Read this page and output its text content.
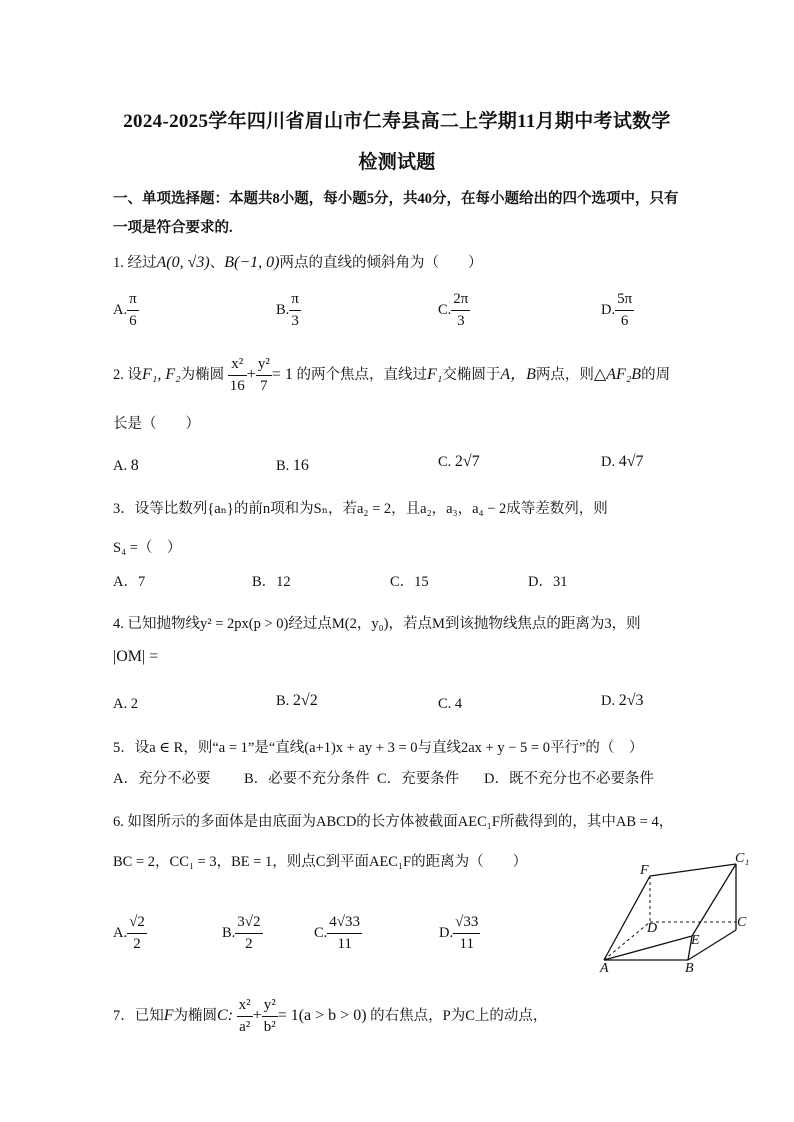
2024-2025学年四川省眉山市仁寿县高二上学期11月期中考试数学
检测试题
一、单项选择题：本题共8小题，每小题5分，共40分，在每小题给出的四个选项中，只有
一项是符合要求的.
1. 经过A(0, √3)、B(−1, 0)两点的直线的倾斜角为（　　）
A. $\frac{\pi}{6}$	B. $\frac{\pi}{3}$	C. $\frac{2\pi}{3}$	D. $\frac{5\pi}{6}$
2. 设F₁, F₂为椭圆 $\frac{\text{x²}}{16} + \frac{\text{y²}}{7} = 1$ 的两个焦点，直线过F₁交椭圆于A，B两点，则△AF₂B的周
长是（　　）
A. 8	B. 16	C. 2√7	D. 4√7
3．设等比数列{aₙ}的前n项和为Sₙ，若a₂ = 2，且a₂，a₃，a₄ − 2成等差数列，则
S₄ =（　）
A．7	B．12	C．15	D．31
4. 已知抛物线y² = 2px(p > 0)经过点M(2，y₀)，若点M到该抛物线焦点的距离为3，则
|OM| =
A. 2	B. 2√2	C. 4	D. 2√3
5．设a ∈ R，则“a = 1”是“直线(a+1)x + ay + 3 = 0与直线2ax + y − 5 = 0平行”的（　）
A．充分不必要 B．必要不充分条件 C．充要条件 D．既不充分也不必要条件
6. 如图所示的多面体是由底面为ABCD的长方体被截面AEC₁F所截得到的，其中AB = 4，
BC = 2，CC₁ = 3，BE = 1，则点C到平面AEC₁F的距离为（　　）
A. $\frac{√2}{2}$	B. $\frac{3√2}{2}$	C. $\frac{4√33}{11}$	D. $\frac{√33}{11}$
F
C₁
D	C
E
A	B
7．已知F为椭圆C: $\frac{\text{x²}}{\text{a²}} + \frac{\text{y²}}{\text{b²}} = 1(a > b > 0)$ 的右焦点，P为C上的动点，
